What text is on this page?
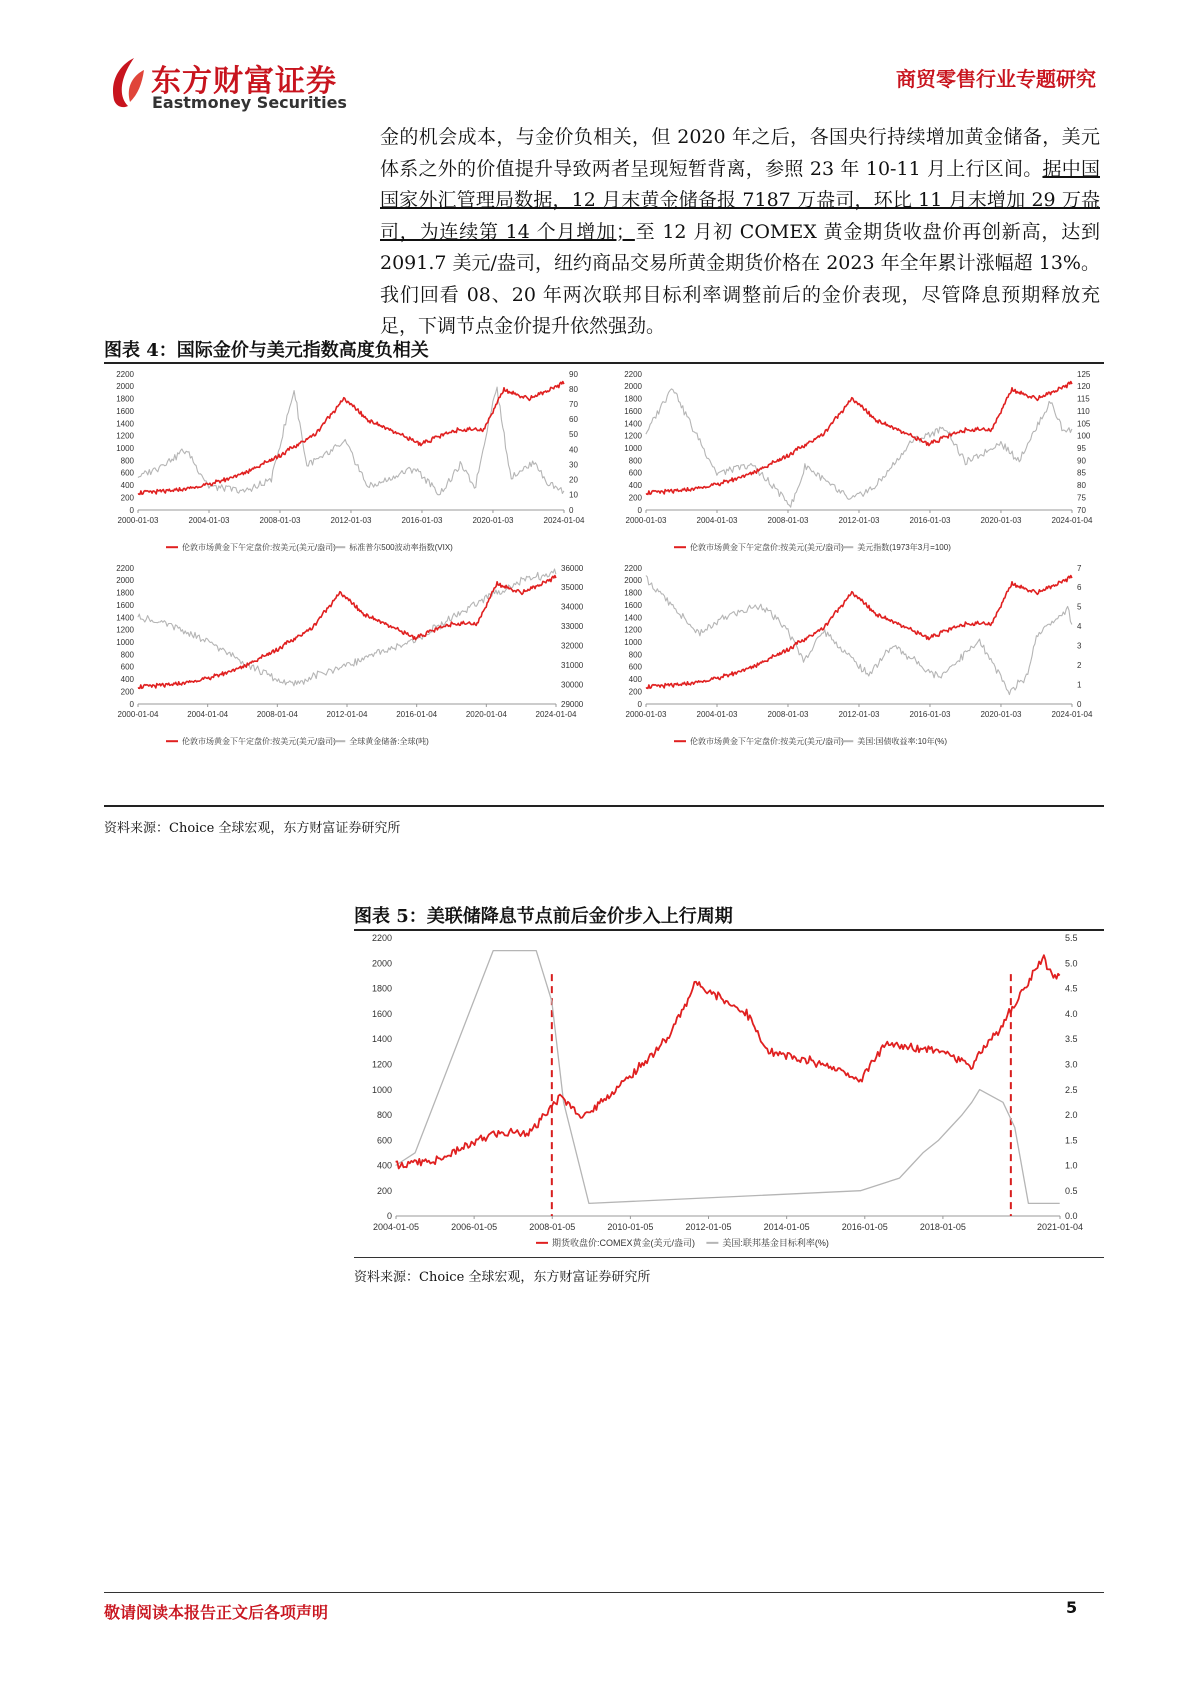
东方财富证券
Eastmoney Securities
商贸零售行业专题研究

金的机会成本，与金价负相关，但 2020 年之后，各国央行持续增加黄金储备，美元体系之外的价值提升导致两者呈现短暂背离，参照 23 年 10-11 月上行区间。据中国国家外汇管理局数据，12 月末黄金储备报 7187 万盎司，环比 11 月末增加 29 万盎司，为连续第 14 个月增加；至 12 月初 COMEX 黄金期货收盘价再创新高，达到 2091.7 美元/盎司，纽约商品交易所黄金期货价格在 2023 年全年累计涨幅超 13%。我们回看 08、20 年两次联邦目标利率调整前后的金价表现，尽管降息预期释放充足，下调节点金价提升依然强劲。

图表 4：国际金价与美元指数高度负相关
2200
2000
1800
1600
1400
1200
1000
800
600
400
200
0
90
80
70
60
50
40
30
20
10
0
2000-01-03	2004-01-03	2008-01-03	2012-01-03	2016-01-03	2020-01-03	2024-01-04
伦敦市场黄金下午定盘价:按美元(美元/盎司) 标准普尔500波动率指数(VIX)
2200
2000
1800
1600
1400
1200
1000
800
600
400
200
0
125
120
115
110
105
100
95
90
85
80
75
70
2000-01-03	2004-01-03	2008-01-03	2012-01-03	2016-01-03	2020-01-03	2024-01-04
伦敦市场黄金下午定盘价:按美元(美元/盎司) 美元指数(1973年3月=100)
2200
2000
1800
1600
1400
1200
1000
800
600
400
200
0
36000
35000
34000
33000
32000
31000
30000
29000
2000-01-04	2004-01-04	2008-01-04	2012-01-04	2016-01-04	2020-01-04	2024-01-04
伦敦市场黄金下午定盘价:按美元(美元/盎司) 全球黄金储备:全球(吨)
2200
2000
1800
1600
1400
1200
1000
800
600
400
200
0
7
6
5
4
3
2
1
0
2000-01-03	2004-01-03	2008-01-03	2012-01-03	2016-01-03	2020-01-03	2024-01-04
伦敦市场黄金下午定盘价:按美元(美元/盎司) 美国:国债收益率:10年(%)
资料来源：Choice 全球宏观，东方财富证券研究所
图表 5：美联储降息节点前后金价步入上行周期
2200
2000
1800
1600
1400
1200
1000
800
600
400
200
0
5.5
5.0
4.5
4.0
3.5
3.0
2.5
2.0
1.5
1.0
0.5
0.0
2004-01-05	2006-01-05	2008-01-05	2010-01-05	2012-01-05	2014-01-05	2016-01-05	2018-01-05	2021-01-04
期货收盘价:COMEX黄金(美元/盎司)	美国:联邦基金目标利率(%)
资料来源：Choice 全球宏观，东方财富证券研究所
敬请阅读本报告正文后各项声明	5
